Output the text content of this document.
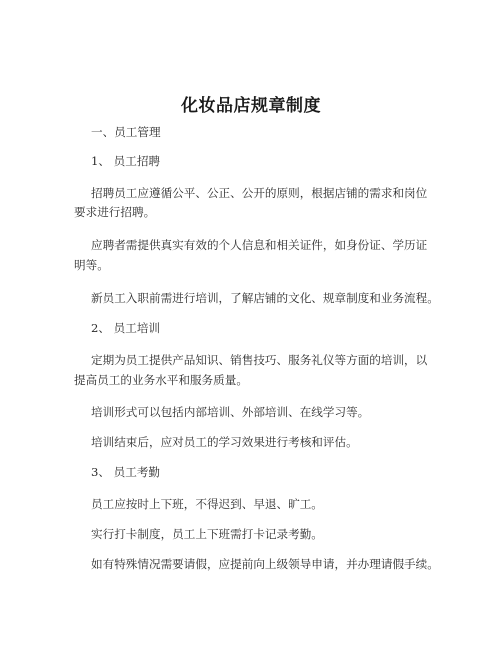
化妆品店规章制度
一、员工管理
1、 员工招聘
招聘员工应遵循公平、公正、公开的原则，根据店铺的需求和岗位
要求进行招聘。
应聘者需提供真实有效的个人信息和相关证件，如身份证、学历证
明等。
新员工入职前需进行培训，了解店铺的文化、规章制度和业务流程。
2、 员工培训
定期为员工提供产品知识、销售技巧、服务礼仪等方面的培训，以
提高员工的业务水平和服务质量。
培训形式可以包括内部培训、外部培训、在线学习等。
培训结束后，应对员工的学习效果进行考核和评估。
3、 员工考勤
员工应按时上下班，不得迟到、早退、旷工。
实行打卡制度，员工上下班需打卡记录考勤。
如有特殊情况需要请假，应提前向上级领导申请，并办理请假手续。
